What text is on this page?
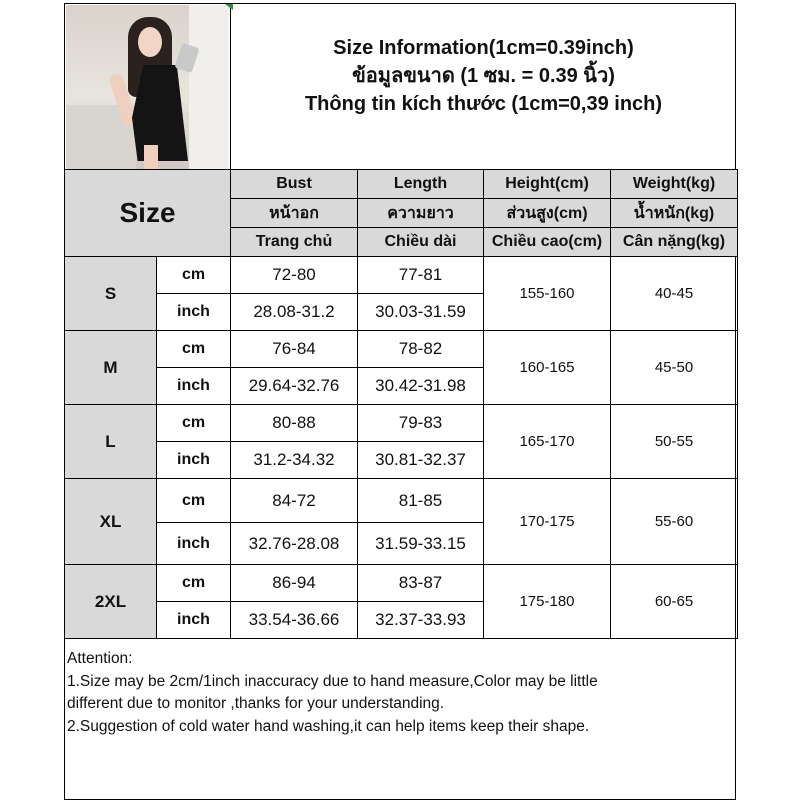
Size Information(1cm=0.39inch)
ข้อมูลขนาด (1 ซม. = 0.39 นิ้ว)
Thông tin kích thước (1cm=0,39 inch)
Size		Bust	Length	Height(cm)	Weight(kg)
		หน้าอก	ความยาว	ส่วนสูง(cm)	น้ำหนัก(kg)
		Trang chủ	Chiều dài	Chiều cao(cm)	Cân nặng(kg)
S	cm	72-80	77-81	155-160	40-45
	inch	28.08-31.2	30.03-31.59		
M	cm	76-84	78-82	160-165	45-50
	inch	29.64-32.76	30.42-31.98		
L	cm	80-88	79-83	165-170	50-55
	inch	31.2-34.32	30.81-32.37		
XL	cm	84-72	81-85	170-175	55-60
	inch	32.76-28.08	31.59-33.15		
2XL	cm	86-94	83-87	175-180	60-65
	inch	33.54-36.66	32.37-33.93		
Attention:
1.Size may be 2cm/1inch inaccuracy due to hand measure,Color may be little
different due to monitor ,thanks for your understanding.
2.Suggestion of cold water hand washing,it can help items keep their shape.
